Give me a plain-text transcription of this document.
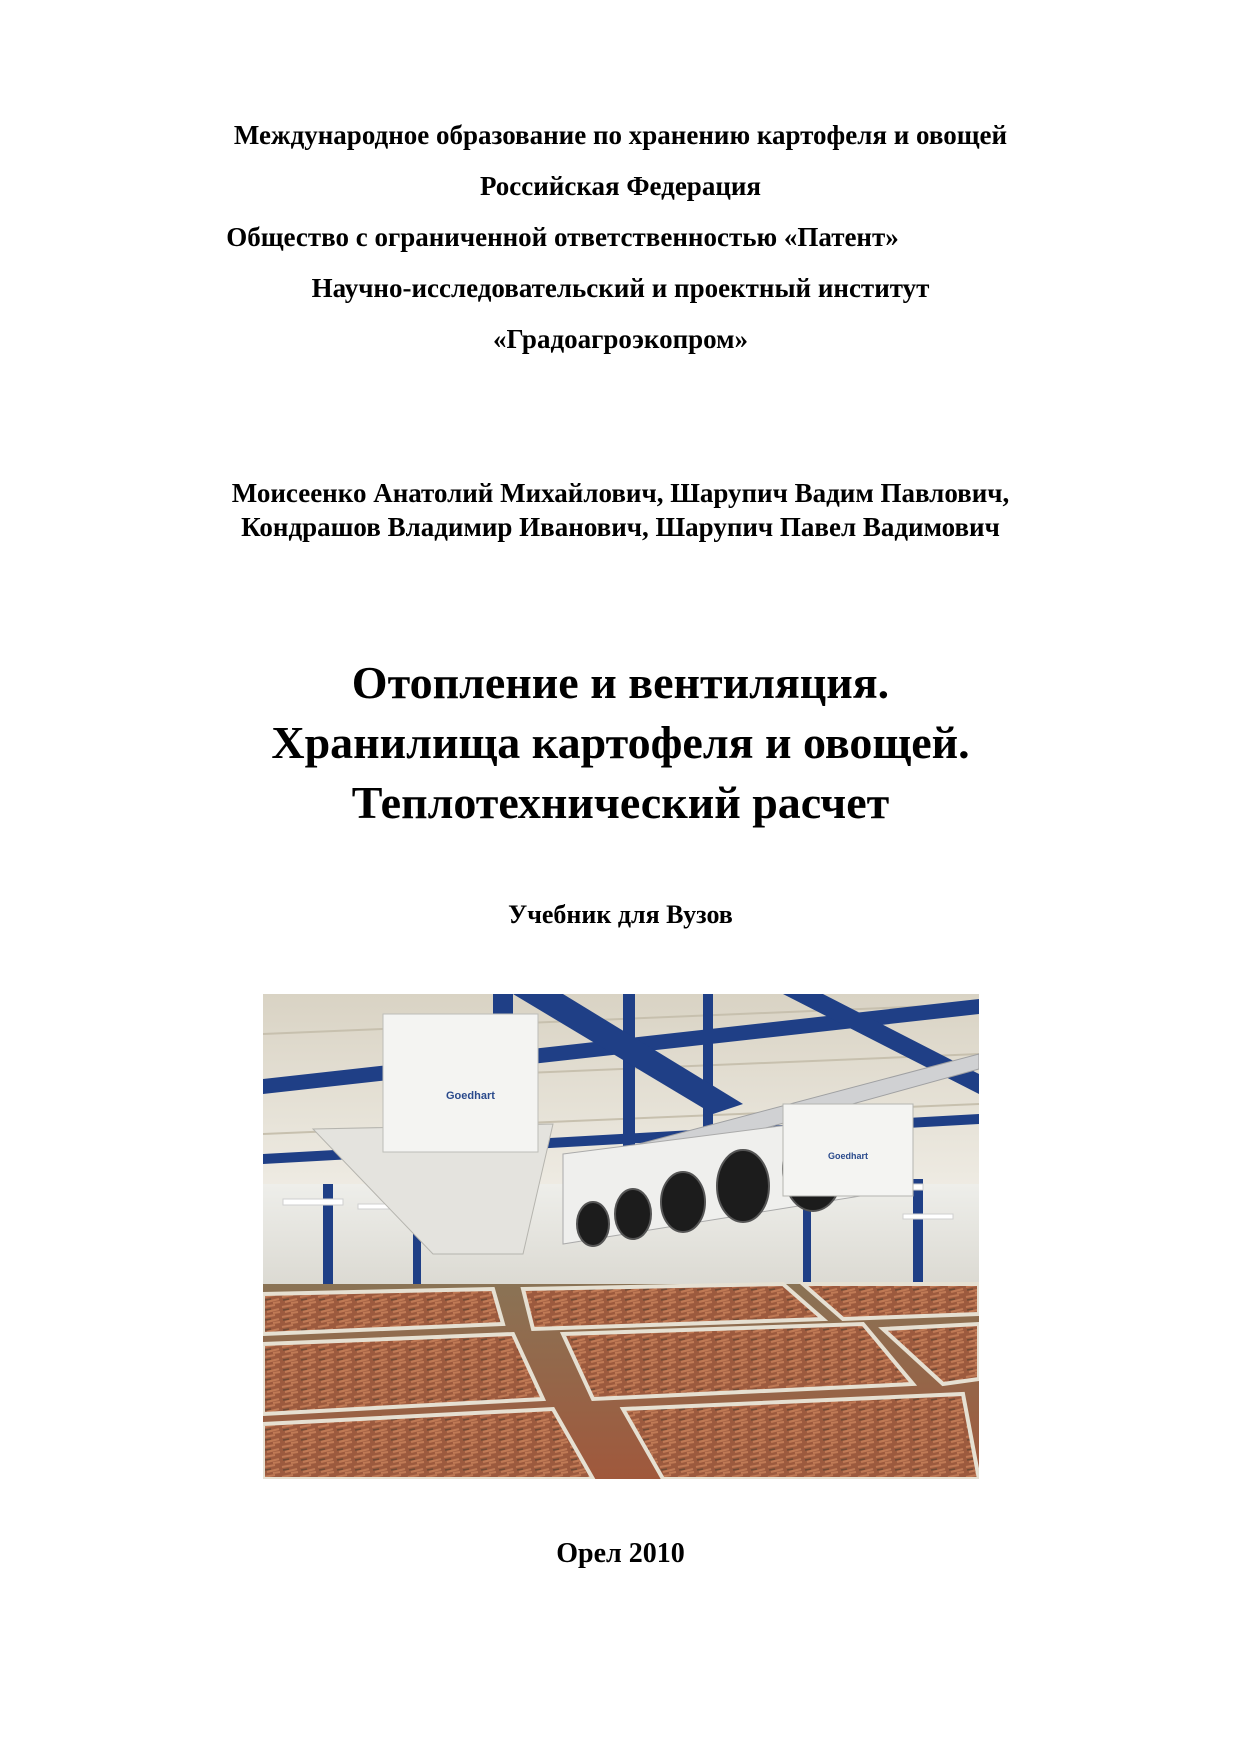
Международное образование по хранению картофеля и овощей
Российская Федерация
Общество с ограниченной ответственностью «Патент»
Научно-исследовательский и проектный институт
«Градоагроэкопром»
Моисеенко Анатолий Михайлович, Шарупич Вадим Павлович,
Кондрашов Владимир Иванович, Шарупич Павел Вадимович
Отопление и вентиляция.
Хранилища картофеля и овощей.
Теплотехнический расчет
Учебник для Вузов
Goedhart
Goedhart
Орел 2010
